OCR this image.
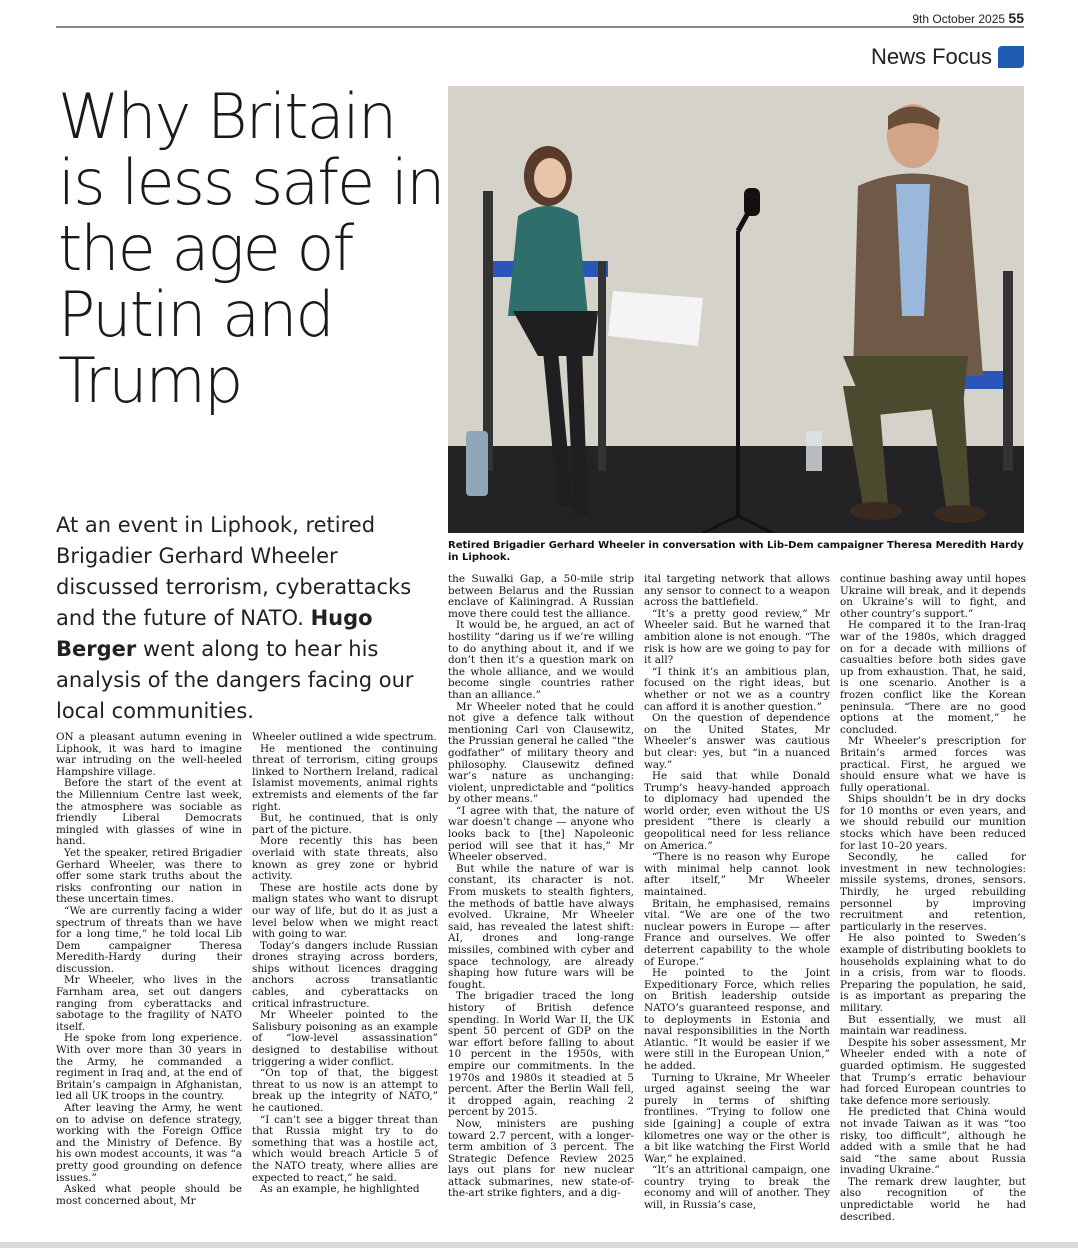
9th October 2025 55
News Focus
Why Britain is less safe in the age of Putin and Trump
At an event in Liphook, retired Brigadier Gerhard Wheeler discussed terrorism, cyberattacks and the future of NATO. Hugo Berger went along to hear his analysis of the dangers facing our local communities.
Retired Brigadier Gerhard Wheeler in conversation with Lib-Dem campaigner Theresa Meredith Hardy in Liphook.

ON a pleasant autumn evening in Liphook, it was hard to imagine war intruding on the well-heeled Hampshire village.

Before the start of the event at the Millennium Centre last week, the atmosphere was sociable as friendly Liberal Democrats mingled with glasses of wine in hand.

Yet the speaker, retired Brigadier Gerhard Wheeler, was there to offer some stark truths about the risks confronting our nation in these uncertain times.

“We are currently facing a wider spectrum of threats than we have for a long time,” he told local Lib Dem campaigner Theresa Meredith-Hardy during their discussion.

Mr Wheeler, who lives in the Farnham area, set out dangers ranging from cyberattacks and sabotage to the fragility of NATO itself.

He spoke from long experience. With over more than 30 years in the Army, he commanded a regiment in Iraq and, at the end of Britain’s campaign in Afghanistan, led all UK troops in the country.

After leaving the Army, he went on to advise on defence strategy, working with the Foreign Office and the Ministry of Defence. By his own modest accounts, it was “a pretty good grounding on defence issues.”

Asked what people should be most concerned about, Mr

Wheeler outlined a wide spectrum.

He mentioned the continuing threat of terrorism, citing groups linked to Northern Ireland, radical Islamist movements, animal rights extremists and elements of the far right.

But, he continued, that is only part of the picture.

More recently this has been overlaid with state threats, also known as grey zone or hybrid activity.

These are hostile acts done by malign states who want to disrupt our way of life, but do it as just a level below when we might react with going to war.

Today’s dangers include Russian drones straying across borders, ships without licences dragging anchors across transatlantic cables, and cyberattacks on critical infrastructure.

Mr Wheeler pointed to the Salisbury poisoning as an example of “low-level assassination” designed to destabilise without triggering a wider conflict.

“On top of that, the biggest threat to us now is an attempt to break up the integrity of NATO,” he cautioned.

“I can’t see a bigger threat than that Russia might try to do something that was a hostile act, which would breach Article 5 of the NATO treaty, where allies are expected to react,” he said.

As an example, he highlighted

the Suwalki Gap, a 50-mile strip between Belarus and the Russian enclave of Kaliningrad. A Russian move there could test the alliance.

It would be, he argued, an act of hostility “daring us if we’re willing to do anything about it, and if we don’t then it’s a question mark on the whole alliance, and we would become single countries rather than an alliance.”

Mr Wheeler noted that he could not give a defence talk without mentioning Carl von Clausewitz, the Prussian general he called “the godfather” of military theory and philosophy. Clausewitz defined war’s nature as unchanging: violent, unpredictable and “politics by other means.”

“I agree with that, the nature of war doesn’t change — anyone who looks back to [the] Napoleonic period will see that it has,” Mr Wheeler observed.

But while the nature of war is constant, its character is not. From muskets to stealth fighters, the methods of battle have always evolved. Ukraine, Mr Wheeler said, has revealed the latest shift: AI, drones and long-range missiles, combined with cyber and space technology, are already shaping how future wars will be fought.

The brigadier traced the long history of British defence spending. In World War II, the UK spent 50 percent of GDP on the war effort before falling to about 10 percent in the 1950s, with empire our commitments. In the 1970s and 1980s it steadied at 5 percent. After the Berlin Wall fell, it dropped again, reaching 2 percent by 2015.

Now, ministers are pushing toward 2.7 percent, with a longer-term ambition of 3 percent. The Strategic Defence Review 2025 lays out plans for new nuclear attack submarines, new state-of-the-art strike fighters, and a dig-

ital targeting network that allows any sensor to connect to a weapon across the battlefield.

“It’s a pretty good review,” Mr Wheeler said. But he warned that ambition alone is not enough. “The risk is how are we going to pay for it all?

“I think it’s an ambitious plan, focused on the right ideas, but whether or not we as a country can afford it is another question.”

On the question of dependence on the United States, Mr Wheeler’s answer was cautious but clear: yes, but “in a nuanced way.”

He said that while Donald Trump’s heavy-handed approach to diplomacy had upended the world order, even without the US president “there is clearly a geopolitical need for less reliance on America.”

“There is no reason why Europe with minimal help cannot look after itself,” Mr Wheeler maintained.

Britain, he emphasised, remains vital. “We are one of the two nuclear powers in Europe — after France and ourselves. We offer deterrent capability to the whole of Europe.”

He pointed to the Joint Expeditionary Force, which relies on British leadership outside NATO’s guaranteed response, and to deployments in Estonia and naval responsibilities in the North Atlantic. “It would be easier if we were still in the European Union,” he added.

Turning to Ukraine, Mr Wheeler urged against seeing the war purely in terms of shifting frontlines. “Trying to follow one side [gaining] a couple of extra kilometres one way or the other is a bit like watching the First World War,” he explained.

“It’s an attritional campaign, one country trying to break the economy and will of another. They will, in Russia’s case,

continue bashing away until hopes Ukraine will break, and it depends on Ukraine’s will to fight, and other country’s support.”

He compared it to the Iran-Iraq war of the 1980s, which dragged on for a decade with millions of casualties before both sides gave up from exhaustion. That, he said, is one scenario. Another is a frozen conflict like the Korean peninsula. “There are no good options at the moment,” he concluded.

Mr Wheeler’s prescription for Britain’s armed forces was practical. First, he argued we should ensure what we have is fully operational.

Ships shouldn’t be in dry docks for 10 months or even years, and we should rebuild our munition stocks which have been reduced for last 10–20 years.

Secondly, he called for investment in new technologies: missile systems, drones, sensors. Thirdly, he urged rebuilding personnel by improving recruitment and retention, particularly in the reserves.

He also pointed to Sweden’s example of distributing booklets to households explaining what to do in a crisis, from war to floods. Preparing the population, he said, is as important as preparing the military.

But essentially, we must all maintain war readiness.

Despite his sober assessment, Mr Wheeler ended with a note of guarded optimism. He suggested that Trump’s erratic behaviour had forced European countries to take defence more seriously.

He predicted that China would not invade Taiwan as it was “too risky, too difficult”, although he added with a smile that he had said “the same about Russia invading Ukraine.”

The remark drew laughter, but also recognition of the unpredictable world he had described.
